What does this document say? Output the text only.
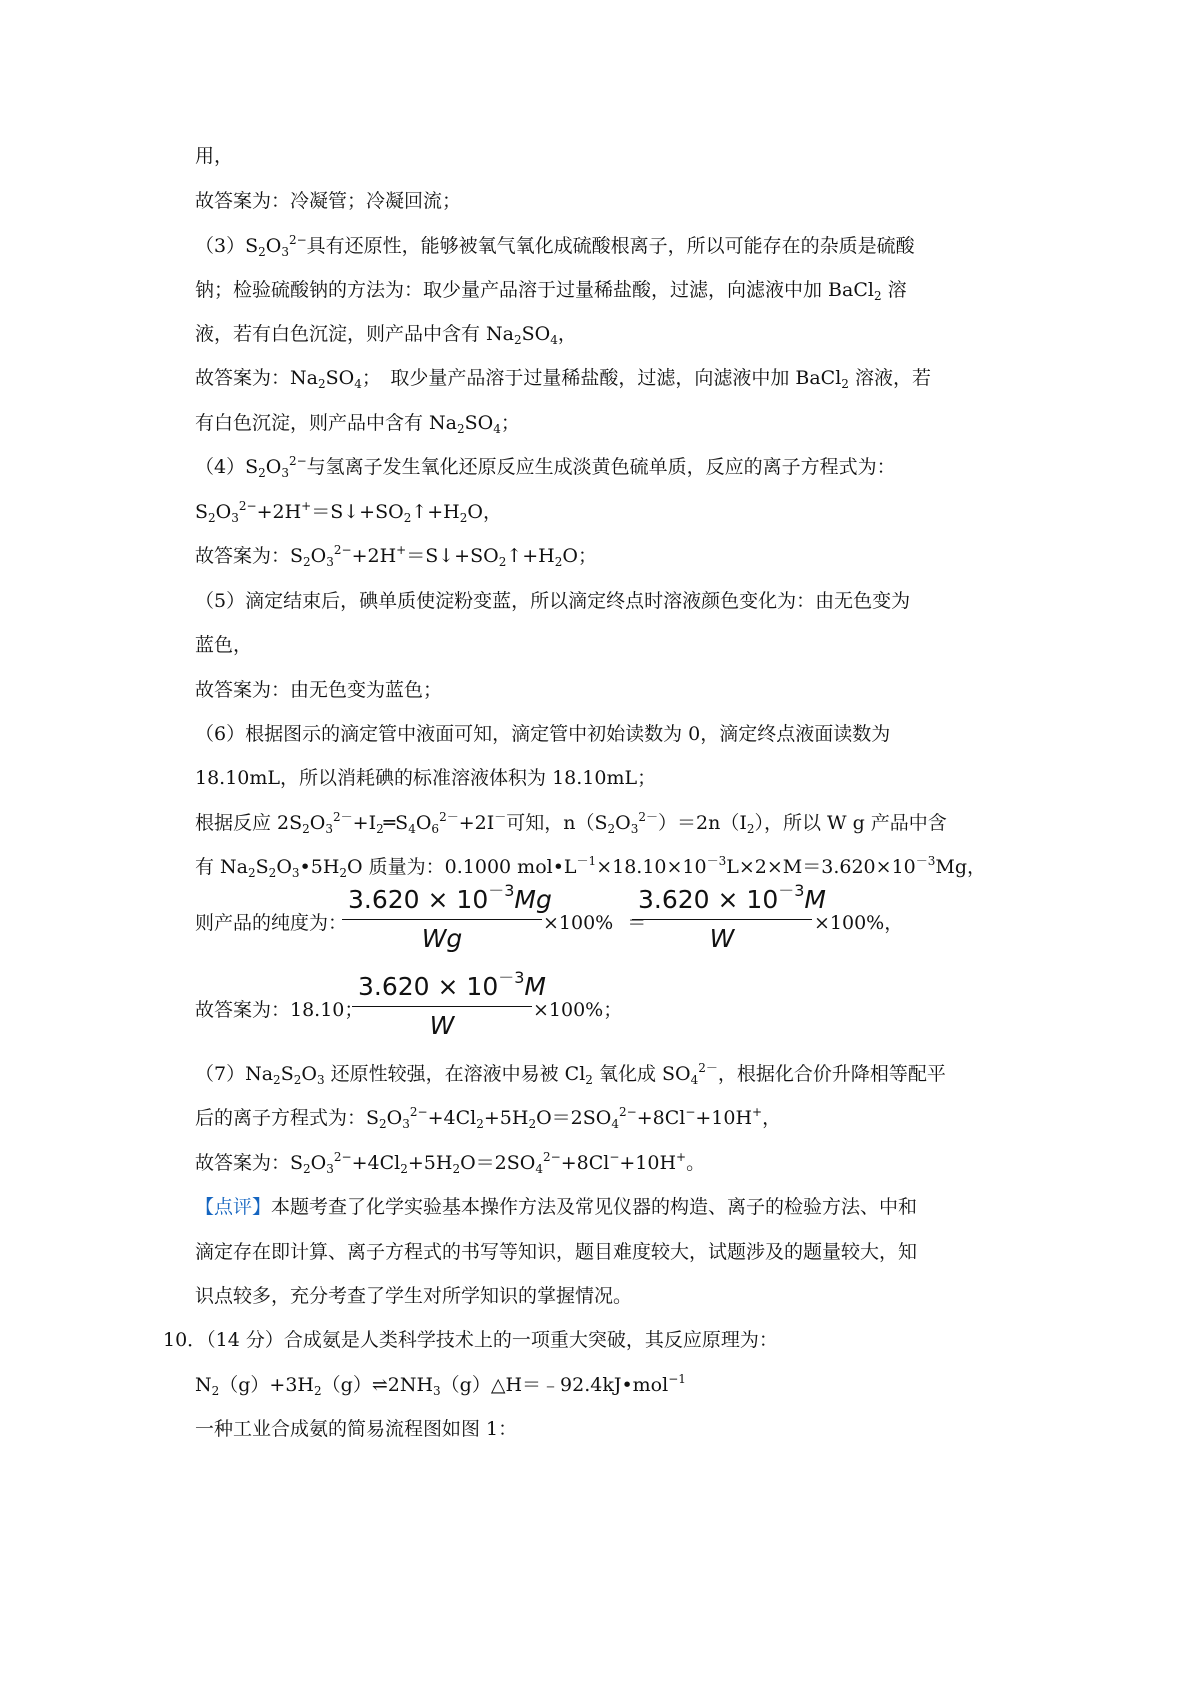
用，
故答案为：冷凝管；冷凝回流；
$(3)S_2O_3^{2-}$具有还原性，能够被氧气氧化成硫酸根离子，所以可能存在的杂质是硫酸
钠；检验硫酸钠的方法为：取少量产品溶于过量稀盐酸，过滤，向滤液中加 BaCl$_2$ 溶
液，若有白色沉淀，则产品中含有 $Na_2SO_4$，
故答案为：$Na_2SO_4$；　取少量产品溶于过量稀盐酸，过滤，向滤液中加 BaCl$_2$ 溶液，若
有白色沉淀，则产品中含有 $Na_2SO_4$；
$(4)S_2O_3^{2-}$与氢离子发生氧化还原反应生成淡黄色硫单质，反应的离子方程式为：
$S_2O_3^{2-}+2H^+=S↓+SO_2↑+H_2O$，
故答案为：$S_2O_3^{2-}+2H^+=S↓+SO_2↑+H_2O$；
（5）滴定结束后，碘单质使淀粉变蓝，所以滴定终点时溶液颜色变化为：由无色变为
蓝色，
故答案为：由无色变为蓝色；
（6）根据图示的滴定管中液面可知，滴定管中初始读数为 0，滴定终点液面读数为
18.10mL，所以消耗碘的标准溶液体积为 18.10mL；
根据反应 $2S_2O_3^{2-}+I_2═S_4O_6^{2-}+2I^-$可知，$n(S_2O_3^{2-})=2n(I_2)$，所以 W g 产品中含
有 $Na_2S_2O_3•5H_2O$ 质量为：0.1000 $mol•L^{-1}\times 18.10\times 10^{-3}L\times 2\times M=3.620\times 10^{-3}Mg$，
则产品的纯度为：
$\frac{3.620 \times 10^{-3}Mg}{Wg} \times 100\%$ ＝
$\frac{3.620 \times 10^{-3}M}{W} \times 100\%$，
故答案为：18.10；
$\frac{3.620 \times 10^{-3}M}{W} \times 100\%$；
$(7)Na_2S_2O_3$ 还原性较强，在溶液中易被 $Cl_2$ 氧化成 $SO_4^{2-}$，根据化合价升降相等配平
后的离子方程式为：$S_2O_3^{2-}+4Cl_2+5H_2O=2SO_4^{2-}+8Cl^-+10H^+$，
故答案为：$S_2O_3^{2-}+4Cl_2+5H_2O=2SO_4^{2-}+8Cl^-+10H^+$。
【点评】本题考查了化学实验基本操作方法及常见仪器的构造、离子的检验方法、中和
滴定存在即计算、离子方程式的书写等知识，题目难度较大，试题涉及的题量较大，知
识点较多，充分考查了学生对所学知识的掌握情况。
10．（14 分）合成氨是人类科学技术上的一项重大突破，其反应原理为：
$N_2(g)+3H_2(g)\rightleftharpoons 2NH_3(g)\triangle H=﹣92.4kJ•mol^{-1}$
一种工业合成氨的简易流程图如图 1：
